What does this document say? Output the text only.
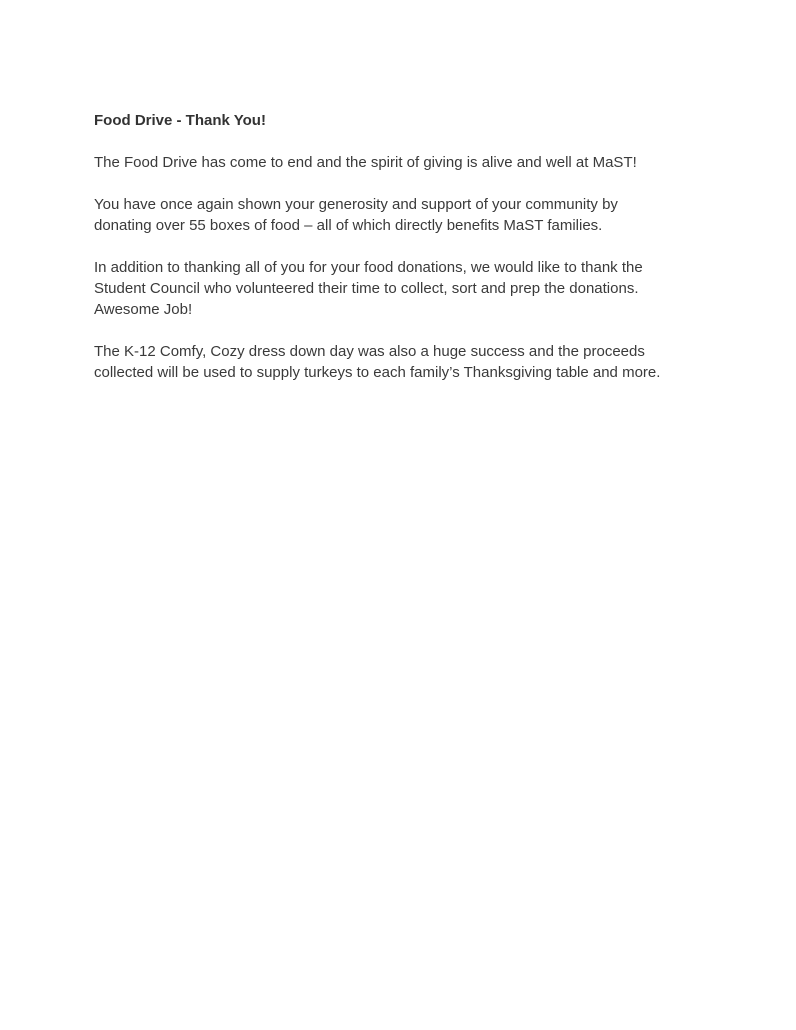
Food Drive - Thank You!

The Food Drive has come to end and the spirit of giving is alive and well at MaST!

You have once again shown your generosity and support of your community by
donating over 55 boxes of food – all of which directly benefits MaST families.

In addition to thanking all of you for your food donations, we would like to thank the
Student Council who volunteered their time to collect, sort and prep the donations.
Awesome Job!

The K-12 Comfy, Cozy dress down day was also a huge success and the proceeds
collected will be used to supply turkeys to each family’s Thanksgiving table and more.
